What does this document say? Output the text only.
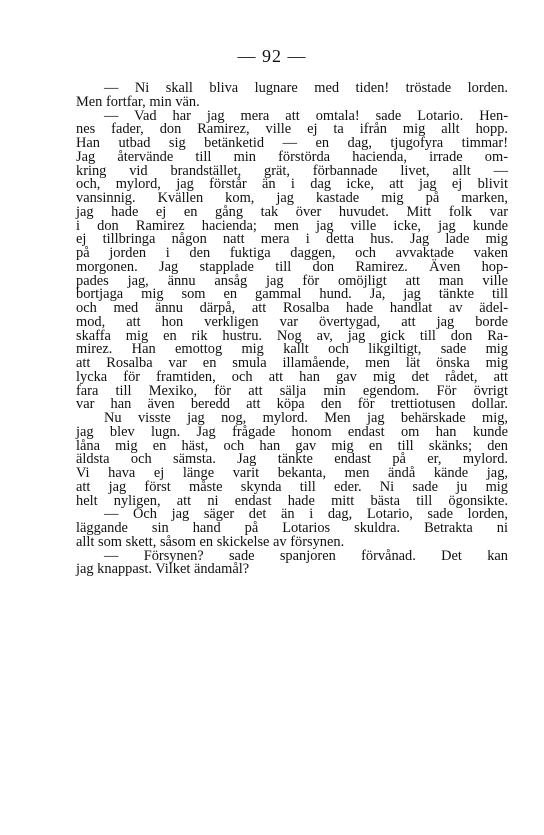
— 92 —
— Ni skall bliva lugnare med tiden! tröstade lorden.
Men fortfar, min vän.
— Vad har jag mera att omtala! sade Lotario. Hen-
nes fader, don Ramirez, ville ej ta ifrån mig allt hopp.
Han utbad sig betänketid — en dag, tjugofyra timmar!
Jag återvände till min förstörda hacienda, irrade om-
kring vid brandstället, grät, förbannade livet, allt —
och, mylord, jag förstår än i dag icke, att jag ej blivit
vansinnig. Kvällen kom, jag kastade mig på marken,
jag hade ej en gång tak över huvudet. Mitt folk var
i don Ramirez hacienda; men jag ville icke, jag kunde
ej tillbringa någon natt mera i detta hus. Jag lade mig
på jorden i den fuktiga daggen, och avvaktade vaken
morgonen. Jag stapplade till don Ramirez. Även hop-
pades jag, ännu ansåg jag för omöjligt att man ville
bortjaga mig som en gammal hund. Ja, jag tänkte till
och med ännu därpå, att Rosalba hade handlat av ädel-
mod, att hon verkligen var övertygad, att jag borde
skaffa mig en rik hustru. Nog av, jag gick till don Ra-
mirez. Han emottog mig kallt och likgiltigt, sade mig
att Rosalba var en smula illamående, men lät önska mig
lycka för framtiden, och att han gav mig det rådet, att
fara till Mexiko, för att sälja min egendom. För övrigt
var han även beredd att köpa den för trettiotusen dollar.
Nu visste jag nog, mylord. Men jag behärskade mig,
jag blev lugn. Jag frågade honom endast om han kunde
låna mig en häst, och han gav mig en till skänks; den
äldsta och sämsta. Jag tänkte endast på er, mylord.
Vi hava ej länge varit bekanta, men ändå kände jag,
att jag först måste skynda till eder. Ni sade ju mig
helt nyligen, att ni endast hade mitt bästa till ögonsikte.
— Och jag säger det än i dag, Lotario, sade lorden,
läggande sin hand på Lotarios skuldra. Betrakta ni
allt som skett, såsom en skickelse av försynen.
— Försynen? sade spanjoren förvånad. Det kan
jag knappast. Vilket ändamål?
